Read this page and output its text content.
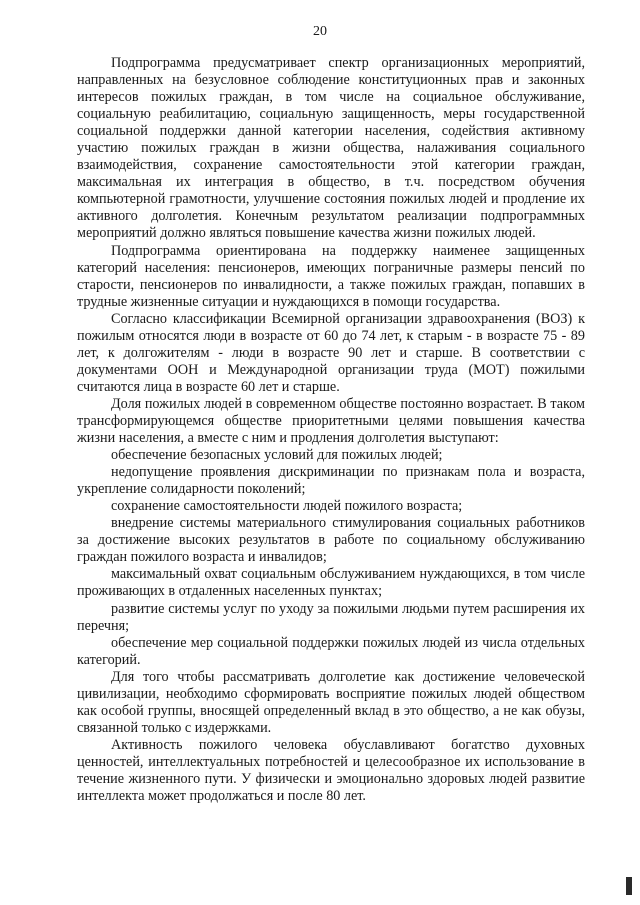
20

Подпрограмма предусматривает спектр организационных мероприятий, направленных на безусловное соблюдение конституционных прав и законных интересов пожилых граждан, в том числе на социальное обслуживание, социальную реабилитацию, социальную защищенность, меры государственной социальной поддержки данной категории населения, содействия активному участию пожилых граждан в жизни общества, налаживания социального взаимодействия, сохранение самостоятельности этой категории граждан, максимальная их интеграция в общество, в т.ч. посредством обучения компьютерной грамотности, улучшение состояния пожилых людей и продление их активного долголетия. Конечным результатом реализации подпрограммных мероприятий должно являться повышение качества жизни пожилых людей.

Подпрограмма ориентирована на поддержку наименее защищенных категорий населения: пенсионеров, имеющих пограничные размеры пенсий по старости, пенсионеров по инвалидности, а также пожилых граждан, попавших в трудные жизненные ситуации и нуждающихся в помощи государства.

Согласно классификации Всемирной организации здравоохранения (ВОЗ) к пожилым относятся люди в возрасте от 60 до 74 лет, к старым - в возрасте 75 - 89 лет, к долгожителям - люди в возрасте 90 лет и старше. В соответствии с документами ООН и Международной организации труда (МОТ) пожилыми считаются лица в возрасте 60 лет и старше.

Доля пожилых людей в современном обществе постоянно возрастает. В таком трансформирующемся обществе приоритетными целями повышения качества жизни населения, а вместе с ним и продления долголетия выступают:

обеспечение безопасных условий для пожилых людей;

недопущение проявления дискриминации по признакам пола и возраста, укрепление солидарности поколений;

сохранение самостоятельности людей пожилого возраста;

внедрение системы материального стимулирования социальных работников за достижение высоких результатов в работе по социальному обслуживанию граждан пожилого возраста и инвалидов;

максимальный охват социальным обслуживанием нуждающихся, в том числе проживающих в отдаленных населенных пунктах;

развитие системы услуг по уходу за пожилыми людьми путем расширения их перечня;

обеспечение мер социальной поддержки пожилых людей из числа отдельных категорий.

Для того чтобы рассматривать долголетие как достижение человеческой цивилизации, необходимо сформировать восприятие пожилых людей обществом как особой группы, вносящей определенный вклад в это общество, а не как обузы, связанной только с издержками.

Активность пожилого человека обуславливают богатство духовных ценностей, интеллектуальных потребностей и целесообразное их использование в течение жизненного пути. У физически и эмоционально здоровых людей развитие интеллекта может продолжаться и после 80 лет.
